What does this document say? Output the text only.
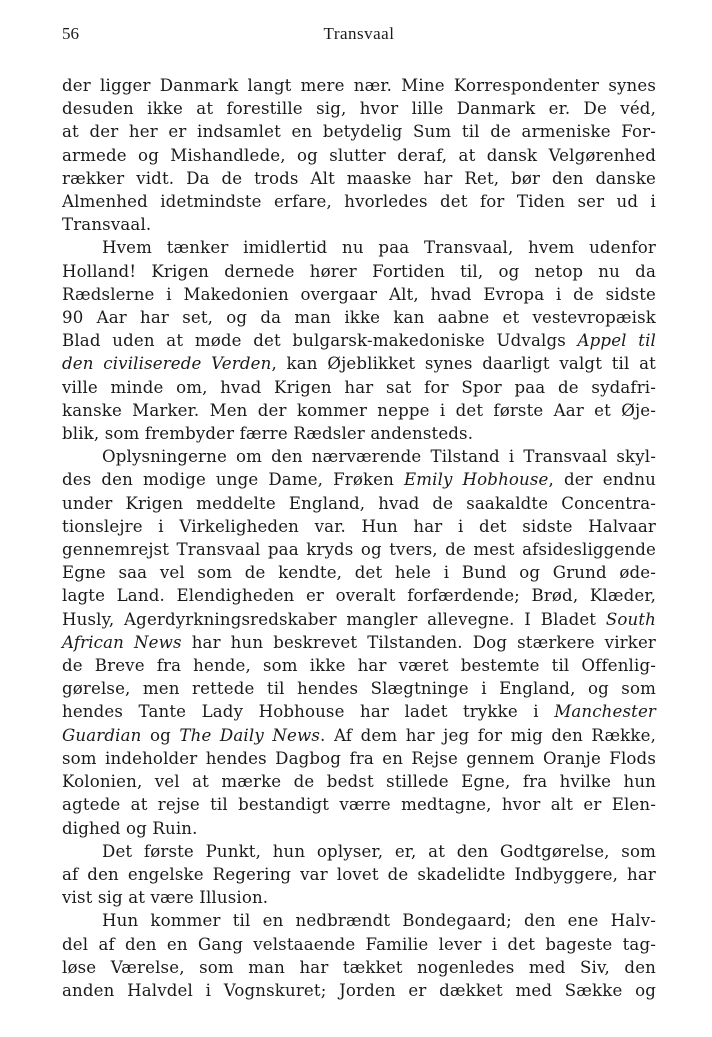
56	Transvaal
der ligger Danmark langt mere nær. Mine Korrespondenter synes
desuden ikke at forestille sig, hvor lille Danmark er. De véd,
at der her er indsamlet en betydelig Sum til de armeniske For-
armede og Mishandlede, og slutter deraf, at dansk Velgørenhed
rækker vidt. Da de trods Alt maaske har Ret, bør den danske
Almenhed idetmindste erfare, hvorledes det for Tiden ser ud i
Transvaal.
Hvem tænker imidlertid nu paa Transvaal, hvem udenfor
Holland! Krigen dernede hører Fortiden til, og netop nu da
Rædslerne i Makedonien overgaar Alt, hvad Evropa i de sidste
90 Aar har set, og da man ikke kan aabne et vestevropæisk
Blad uden at møde det bulgarsk-makedoniske Udvalgs Appel til
den civiliserede Verden, kan Øjeblikket synes daarligt valgt til at
ville minde om, hvad Krigen har sat for Spor paa de sydafri-
kanske Marker. Men der kommer neppe i det første Aar et Øje-
blik, som frembyder færre Rædsler andensteds.
Oplysningerne om den nærværende Tilstand i Transvaal skyl-
des den modige unge Dame, Frøken Emily Hobhouse, der endnu
under Krigen meddelte England, hvad de saakaldte Concentra-
tionslejre i Virkeligheden var. Hun har i det sidste Halvaar
gennemrejst Transvaal paa kryds og tvers, de mest afsidesliggende
Egne saa vel som de kendte, det hele i Bund og Grund øde-
lagte Land. Elendigheden er overalt forfærdende; Brød, Klæder,
Husly, Agerdyrkningsredskaber mangler allevegne. I Bladet South
African News har hun beskrevet Tilstanden. Dog stærkere virker
de Breve fra hende, som ikke har været bestemte til Offenlig-
gørelse, men rettede til hendes Slægtninge i England, og som
hendes Tante Lady Hobhouse har ladet trykke i Manchester
Guardian og The Daily News. Af dem har jeg for mig den Række,
som indeholder hendes Dagbog fra en Rejse gennem Oranje Flods
Kolonien, vel at mærke de bedst stillede Egne, fra hvilke hun
agtede at rejse til bestandigt værre medtagne, hvor alt er Elen-
dighed og Ruin.
Det første Punkt, hun oplyser, er, at den Godtgørelse, som
af den engelske Regering var lovet de skadelidte Indbyggere, har
vist sig at være Illusion.
Hun kommer til en nedbrændt Bondegaard; den ene Halv-
del af den en Gang velstaaende Familie lever i det bageste tag-
løse Værelse, som man har tækket nogenledes med Siv, den
anden Halvdel i Vognskuret; Jorden er dækket med Sække og
